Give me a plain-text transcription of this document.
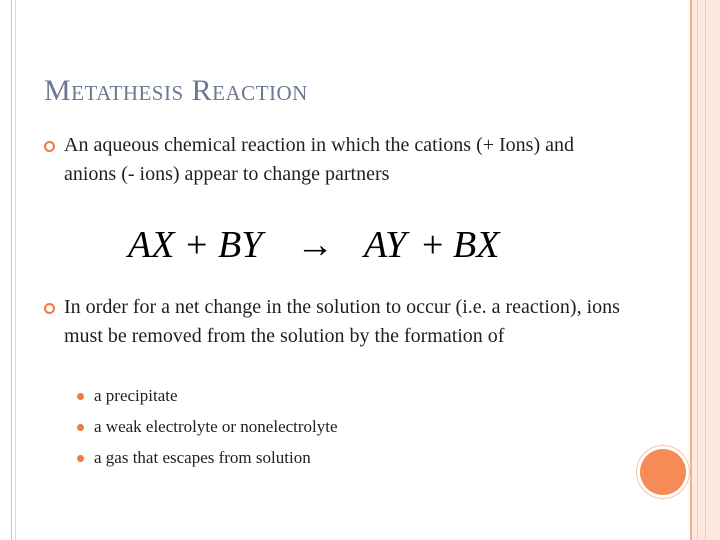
Metathesis Reaction
An aqueous chemical reaction in which the cations (+ Ions) and anions (- ions) appear to change partners
AX + BY → AY + BX
In order for a net change in the solution to occur (i.e. a reaction), ions must be removed from the solution by the formation of
a precipitate
a weak electrolyte or nonelectrolyte
a gas that escapes from solution
